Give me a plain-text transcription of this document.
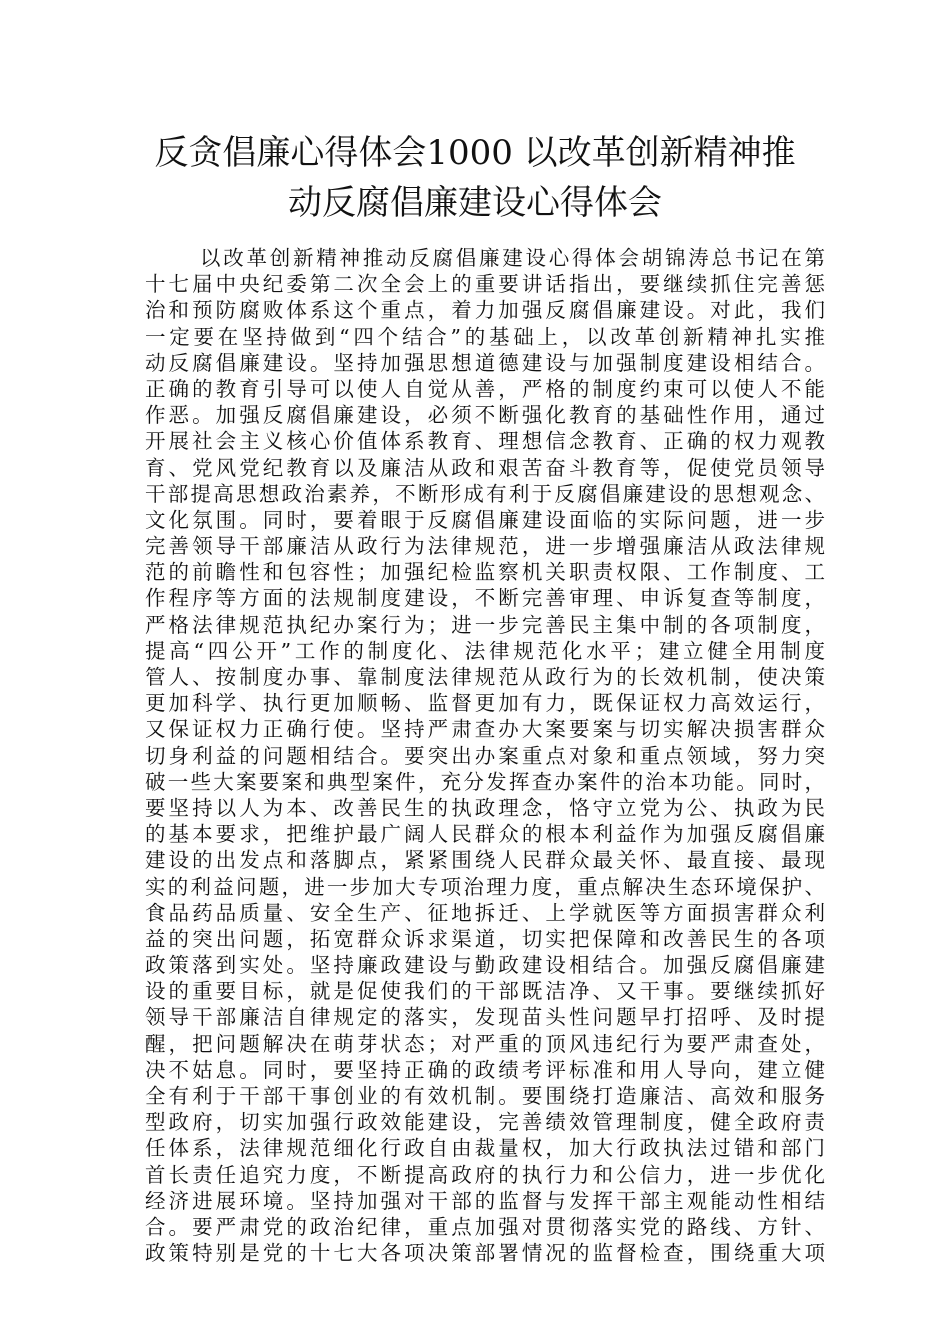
反贪倡廉心得体会1000 以改革创新精神推
动反腐倡廉建设心得体会
以改革创新精神推动反腐倡廉建设心得体会胡锦涛总书记在第
十七届中央纪委第二次全会上的重要讲话指出，要继续抓住完善惩
治和预防腐败体系这个重点，着力加强反腐倡廉建设。对此，我们
一定要在坚持做到“四个结合”的基础上，以改革创新精神扎实推
动反腐倡廉建设。坚持加强思想道德建设与加强制度建设相结合。
正确的教育引导可以使人自觉从善，严格的制度约束可以使人不能
作恶。加强反腐倡廉建设，必须不断强化教育的基础性作用，通过
开展社会主义核心价值体系教育、理想信念教育、正确的权力观教
育、党风党纪教育以及廉洁从政和艰苦奋斗教育等，促使党员领导
干部提高思想政治素养，不断形成有利于反腐倡廉建设的思想观念、
文化氛围。同时，要着眼于反腐倡廉建设面临的实际问题，进一步
完善领导干部廉洁从政行为法律规范，进一步增强廉洁从政法律规
范的前瞻性和包容性；加强纪检监察机关职责权限、工作制度、工
作程序等方面的法规制度建设，不断完善审理、申诉复查等制度，
严格法律规范执纪办案行为；进一步完善民主集中制的各项制度，
提高“四公开”工作的制度化、法律规范化水平；建立健全用制度
管人、按制度办事、靠制度法律规范从政行为的长效机制，使决策
更加科学、执行更加顺畅、监督更加有力，既保证权力高效运行，
又保证权力正确行使。坚持严肃查办大案要案与切实解决损害群众
切身利益的问题相结合。要突出办案重点对象和重点领域，努力突
破一些大案要案和典型案件，充分发挥查办案件的治本功能。同时，
要坚持以人为本、改善民生的执政理念，恪守立党为公、执政为民
的基本要求，把维护最广阔人民群众的根本利益作为加强反腐倡廉
建设的出发点和落脚点，紧紧围绕人民群众最关怀、最直接、最现
实的利益问题，进一步加大专项治理力度，重点解决生态环境保护、
食品药品质量、安全生产、征地拆迁、上学就医等方面损害群众利
益的突出问题，拓宽群众诉求渠道，切实把保障和改善民生的各项
政策落到实处。坚持廉政建设与勤政建设相结合。加强反腐倡廉建
设的重要目标，就是促使我们的干部既洁净、又干事。要继续抓好
领导干部廉洁自律规定的落实，发现苗头性问题早打招呼、及时提
醒，把问题解决在萌芽状态；对严重的顶风违纪行为要严肃查处，
决不姑息。同时，要坚持正确的政绩考评标准和用人导向，建立健
全有利于干部干事创业的有效机制。要围绕打造廉洁、高效和服务
型政府，切实加强行政效能建设，完善绩效管理制度，健全政府责
任体系，法律规范细化行政自由裁量权，加大行政执法过错和部门
首长责任追究力度，不断提高政府的执行力和公信力，进一步优化
经济进展环境。坚持加强对干部的监督与发挥干部主观能动性相结
合。要严肃党的政治纪律，重点加强对贯彻落实党的路线、方针、
政策特别是党的十七大各项决策部署情况的监督检查，围绕重大项
